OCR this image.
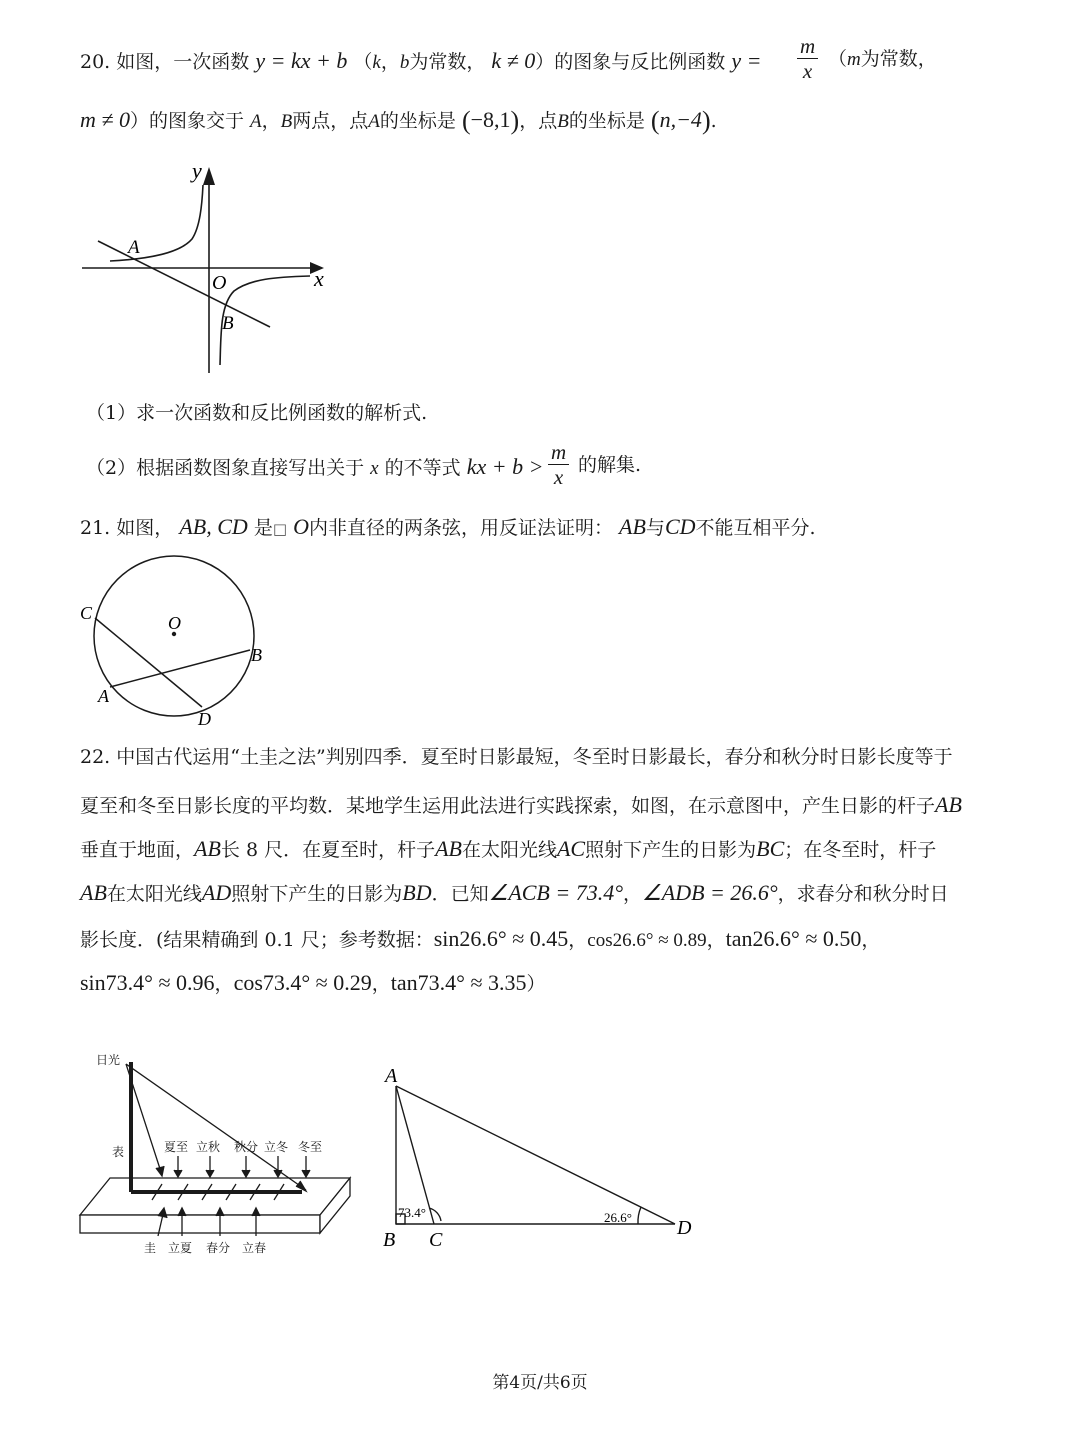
20. 如图，一次函数 y = kx + b （k，b为常数， k ≠ 0）的图象与反比例函数 $y = \frac{m}{x} (m$为常数，
m ≠ 0）的图象交于 A，B两点，点A的坐标是 (−8,1)，点B的坐标是 (n,−4).
y
x
O
A
B
（1）求一次函数和反比例函数的解析式.
（2）根据函数图象直接写出关于 x 的不等式 kx + $b > \frac{m}{x}$ 的解集.
21. 如图， AB, CD 是□ O内非直径的两条弦，用反证法证明： AB与CD不能互相平分.
C	O
B
A
D
22. 中国古代运用“土圭之法”判别四季．夏至时日影最短，冬至时日影最长，春分和秋分时日影长度等于
夏至和冬至日影长度的平均数．某地学生运用此法进行实践探索，如图，在示意图中，产生日影的杆子AB
垂直于地面，AB长 8 尺．在夏至时，杆子AB在太阳光线AC照射下产生的日影为BC；在冬至时，杆子
AB在太阳光线AD照射下产生的日影为BD．已知∠ACB = 73.4°，∠ADB = 26.6°，求春分和秋分时日
影长度．(结果精确到 0.1 尺；参考数据：sin26.6° ≈ 0.45，cos26.6° ≈ 0.89，tan26.6° ≈ 0.50，
sin73.4° ≈ 0.96，cos73.4° ≈ 0.29，tan73.4° ≈ 3.35）
日光
表	夏至 立秋 秋分 立冬 冬至
圭 立夏 春分 立春
A
B C
D
73.4°	26.6°
第4页/共6页
